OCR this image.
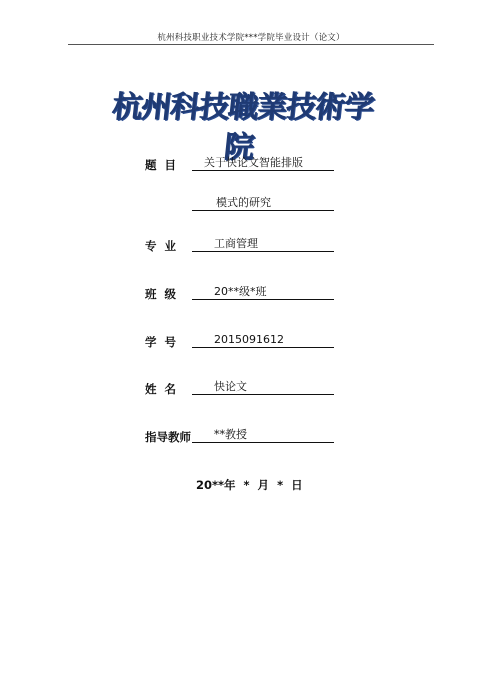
杭州科技职业技术学院***学院毕业设计（论文）
杭州科技職業技術学院
题  目	关于快论文智能排版
模式的研究
专  业	工商管理
班  级	20**级*班
学  号	2015091612
姓  名	快论文
指导教师	**教授
20**年  *  月  *  日
